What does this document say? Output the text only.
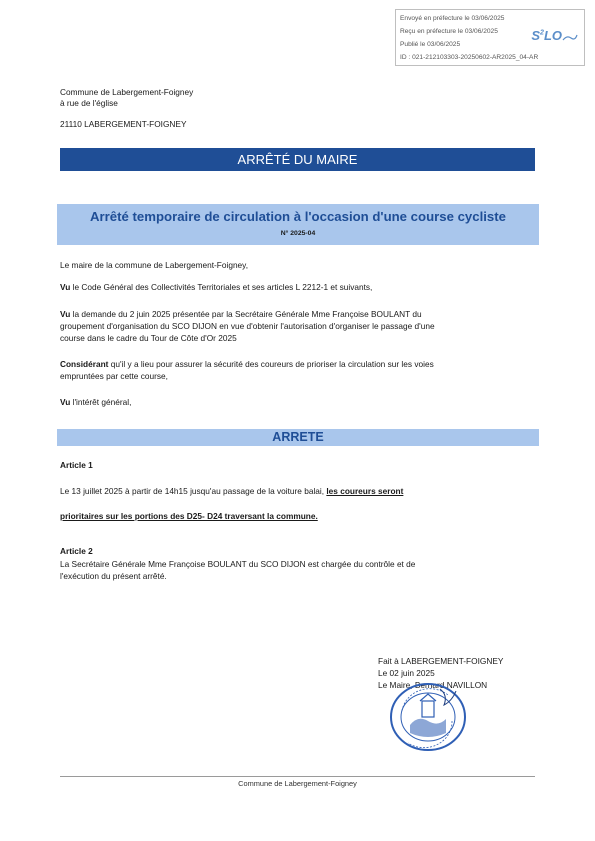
Envoyé en préfecture le 03/06/2025
Reçu en préfecture le 03/06/2025
Publié le 03/06/2025
ID : 021-212103303-20250602-AR2025_04-AR
$S^2LO$
Commune de Labergement-Foigney
à rue de l'église
21110 LABERGEMENT-FOIGNEY
ARRÊTÉ DU MAIRE
Arrêté temporaire de circulation à l'occasion d'une course cycliste
N° 2025-04
Le maire de la commune de Labergement-Foigney,
Vu le Code Général des Collectivités Territoriales et ses articles L 2212-1 et suivants,
Vu la demande du 2 juin 2025 présentée par la Secrétaire Générale Mme Françoise BOULANT du
groupement d'organisation du SCO DIJON en vue d'obtenir l'autorisation d'organiser le passage d'une
course dans le cadre du Tour de Côte d'Or 2025
Considérant qu'il y a lieu pour assurer la sécurité des coureurs de prioriser la circulation sur les voies
empruntées par cette course,
Vu l'intérêt général,
ARRETE
Article 1
Le 13 juillet 2025 à partir de 14h15 jusqu'au passage de la voiture balai, les coureurs seront
prioritaires sur les portions des D25- D24 traversant la commune.
Article 2
La Secrétaire Générale Mme Françoise BOULANT du SCO DIJON est chargée du contrôle et de
l'exécution du présent arrêté.
Fait à LABERGEMENT-FOIGNEY
Le 02 juin 2025
Le Maire, Bernard NAVILLON
Commune de Labergement-Foigney
